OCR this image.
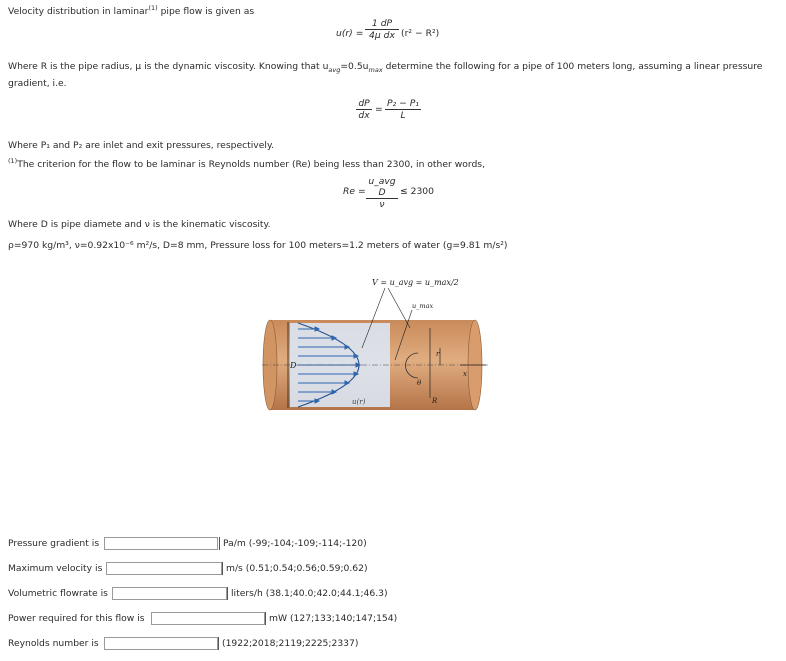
Velocity distribution in laminar$^{(1)}$ pipe flow is given as
u(r) =
1 dP
4μ dx (r² − R²)
Where R is the pipe radius, μ is the dynamic viscosity. Knowing that $u_{avg}=0.5u_{max}$ determine the following for a pipe of 100 meters long, assuming a linear pressure
gradient, i.e.
dP
dx
=
P₂ − P₁
L
Where P₁ and P₂ are inlet and exit pressures, respectively.
$^{(1)}$The criterion for the flow to be laminar is Reynolds number (Re) being less than 2300, in other words,
Re =
u_avg D
ν
≤ 2300
Where D is pipe diamete and ν is the kinematic viscosity.
ρ=970 kg/m³, ν=0.92x10⁻⁶ m²/s, D=8 mm, Pressure loss for 100 meters=1.2 meters of water (g=9.81 m/s²)
D
r
θ
R
x
u(r)
V = u_avg = u_max/2
u_max
Pressure gradient is	Pa/m (-99;-104;-109;-114;-120)
Maximum velocity is	m/s (0.51;0.54;0.56;0.59;0.62)
Volumetric flowrate is	liters/h (38.1;40.0;42.0;44.1;46.3)
Power required for this flow is	mW (127;133;140;147;154)
Reynolds number is	(1922;2018;2119;2225;2337)
